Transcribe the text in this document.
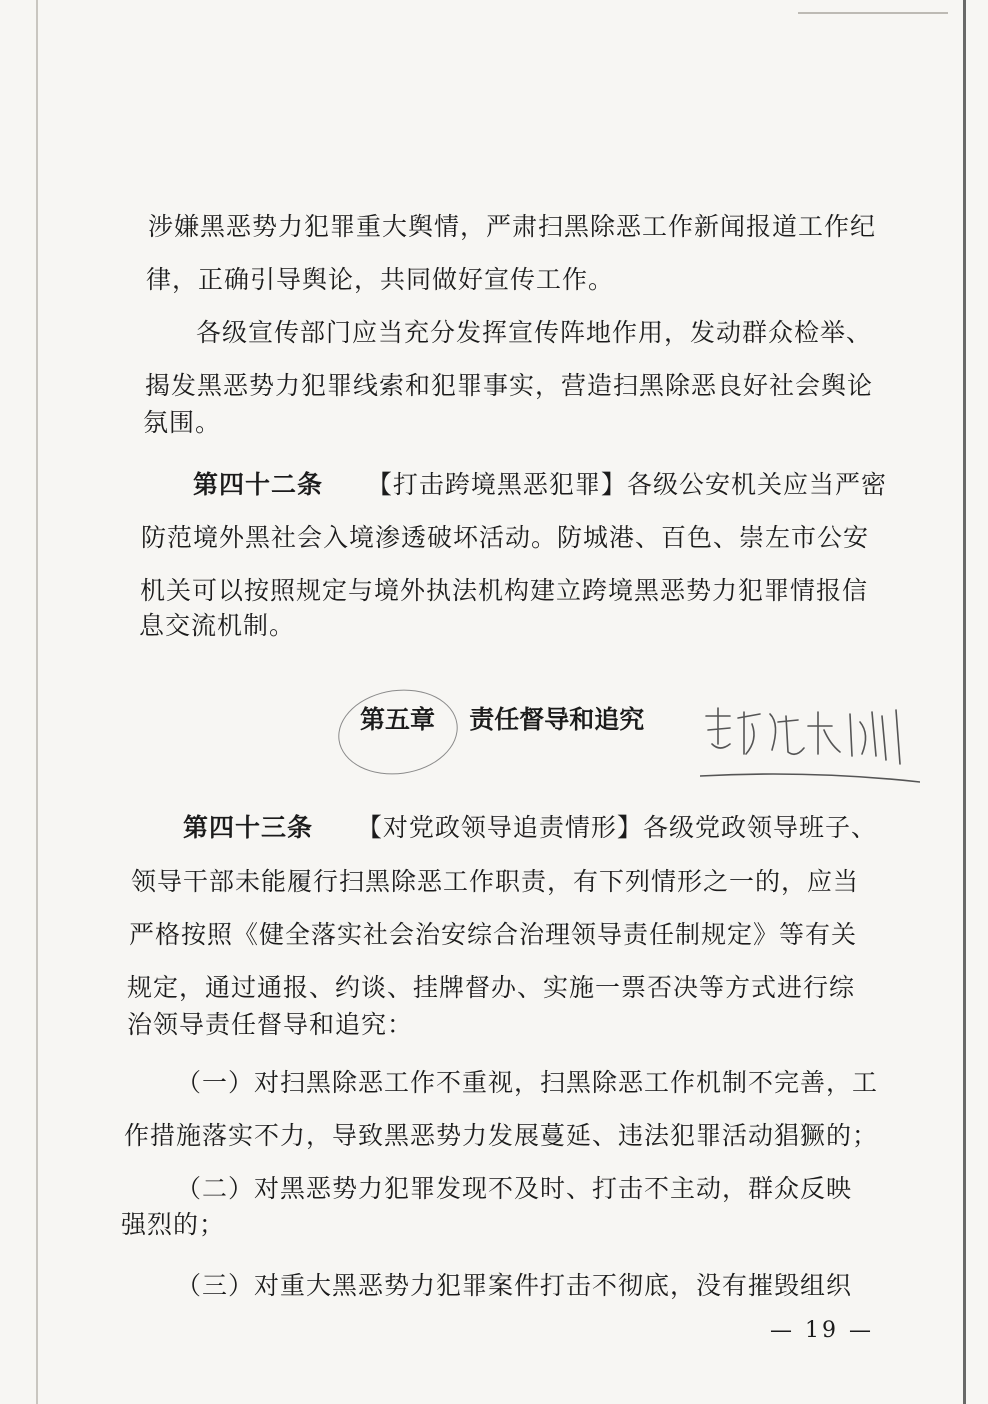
涉嫌黑恶势力犯罪重大舆情，严肃扫黑除恶工作新闻报道工作纪
律，正确引导舆论，共同做好宣传工作。
各级宣传部门应当充分发挥宣传阵地作用，发动群众检举、
揭发黑恶势力犯罪线索和犯罪事实，营造扫黑除恶良好社会舆论
氛围。
第四十二条 【打击跨境黑恶犯罪】各级公安机关应当严密
防范境外黑社会入境渗透破坏活动。防城港、百色、崇左市公安
机关可以按照规定与境外执法机构建立跨境黑恶势力犯罪情报信
息交流机制。
第五章 责任督导和追究
第四十三条 【对党政领导追责情形】各级党政领导班子、
领导干部未能履行扫黑除恶工作职责，有下列情形之一的，应当
严格按照《健全落实社会治安综合治理领导责任制规定》等有关
规定，通过通报、约谈、挂牌督办、实施一票否决等方式进行综
治领导责任督导和追究：
（一）对扫黑除恶工作不重视，扫黑除恶工作机制不完善，工
作措施落实不力，导致黑恶势力发展蔓延、违法犯罪活动猖獗的；
（二）对黑恶势力犯罪发现不及时、打击不主动，群众反映
强烈的；
（三）对重大黑恶势力犯罪案件打击不彻底，没有摧毁组织
— 19 —
